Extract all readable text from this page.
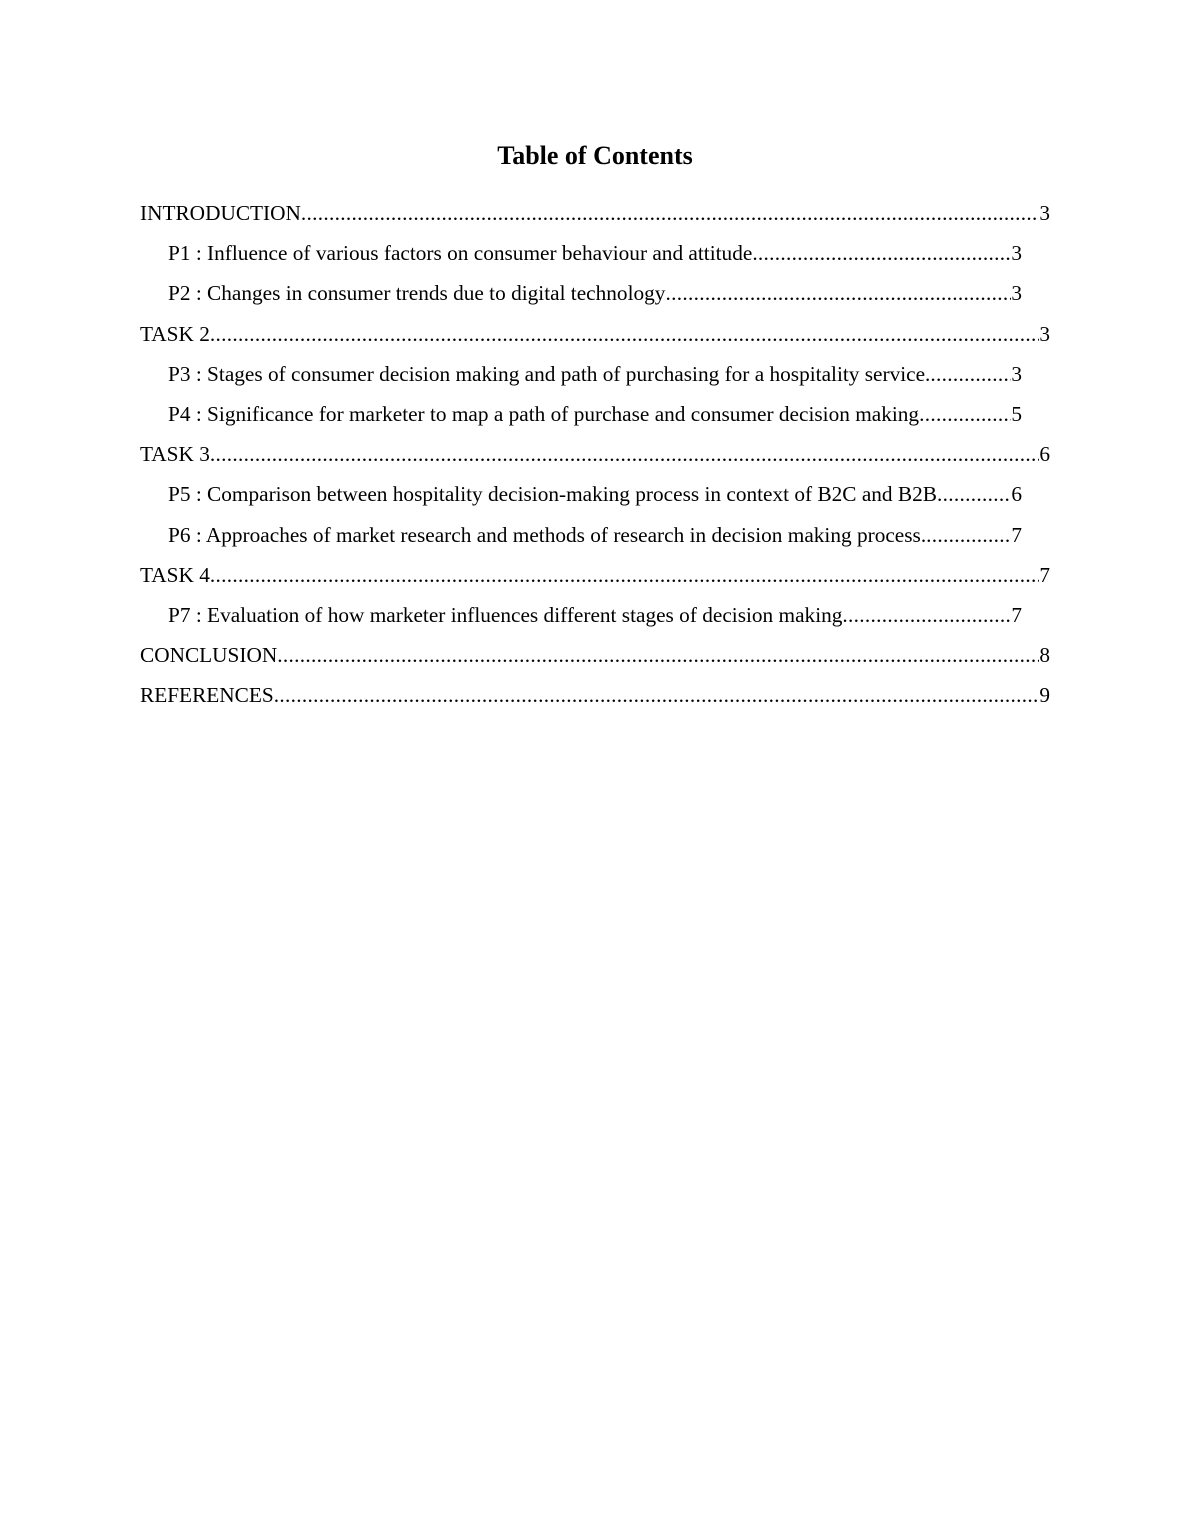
Table of Contents
INTRODUCTION .....	3
P1 : Influence of various factors on consumer behaviour and attitude .....	3
P2 : Changes in consumer trends due to digital technology .....	3
TASK 2 .....	3
P3 : Stages of consumer decision making and path of purchasing for a hospitality service. .....	3
P4 : Significance for marketer to map a path of purchase and consumer decision making .....	5
TASK 3 .....	6
P5 : Comparison between hospitality decision-making process in context of B2C and B2B .....	6
P6 : Approaches of market research and methods of research in decision making process. .....	7
TASK 4 .....	7
P7 : Evaluation of how marketer influences different stages of decision making .....	7
CONCLUSION .....	8
REFERENCES .....	9
